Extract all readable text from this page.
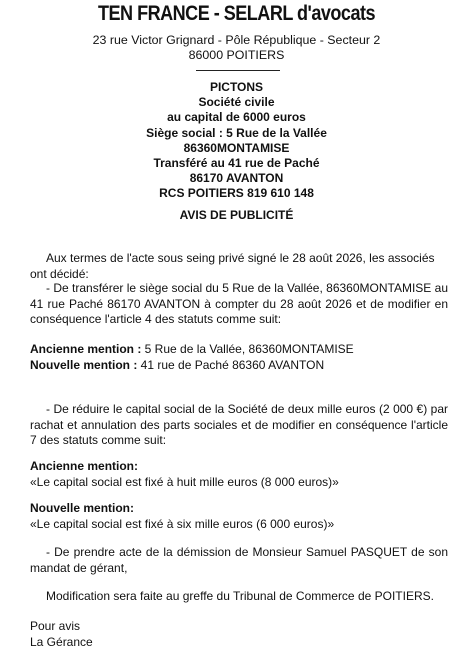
TEN FRANCE - SELARL d'avocats
23 rue Victor Grignard - Pôle République - Secteur 2
86000 POITIERS
PICTONS
Société civile
au capital de 6000 euros
Siège social : 5 Rue de la Vallée
86360MONTAMISE
Transféré au 41 rue de Paché
86170 AVANTON
RCS POITIERS 819 610 148
AVIS DE PUBLICITÉ

Aux termes de l'acte sous seing privé signé le 28 août 2026, les associés ont décidé:

- De transférer le siège social du 5 Rue de la Vallée, 86360MONTAMISE au 41 rue Paché 86170 AVANTON à compter du 28 août 2026 et de modifier en conséquence l'article 4 des statuts comme suit:

Ancienne mention : 5 Rue de la Vallée, 86360MONTAMISE
Nouvelle mention : 41 rue de Paché 86360 AVANTON

- De réduire le capital social de la Société de deux mille euros (2 000 €) par rachat et annulation des parts sociales et de modifier en conséquence l'article 7 des statuts comme suit:

Ancienne mention:
«Le capital social est fixé à huit mille euros (8 000 euros)»
Nouvelle mention:
«Le capital social est fixé à six mille euros (6 000 euros)»

- De prendre acte de la démission de Monsieur Samuel PASQUET de son mandat de gérant,

Modification sera faite au greffe du Tribunal de Commerce de POITIERS.

Pour avis
La Gérance
